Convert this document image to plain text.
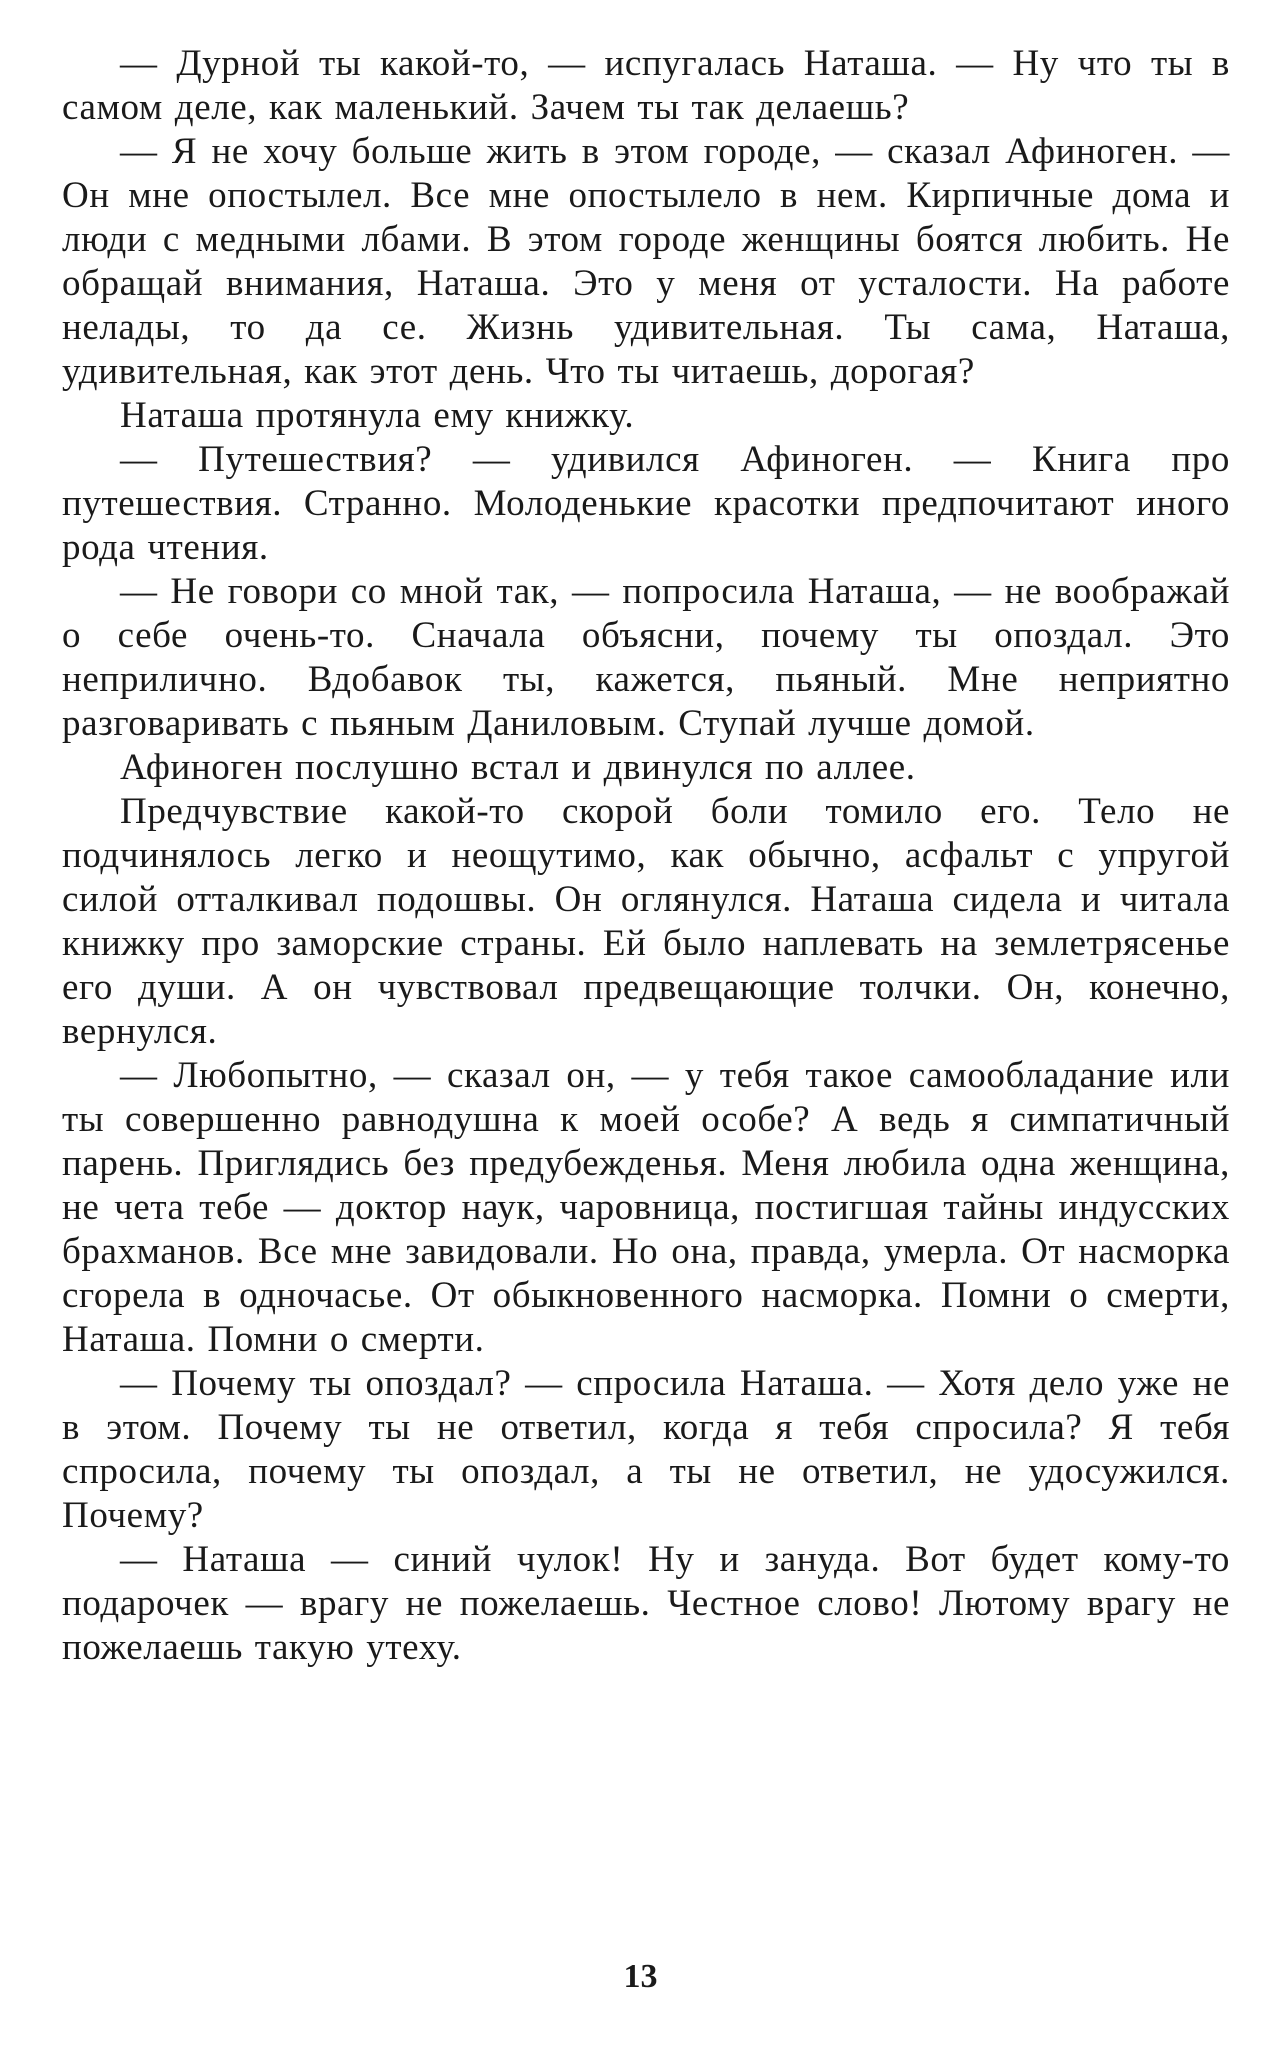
— Дурной ты какой-то, — испугалась Наташа. — Ну что ты в самом деле, как маленький. Зачем ты так делаешь?

— Я не хочу больше жить в этом городе, — сказал Афиноген. — Он мне опостылел. Все мне опостылело в нем. Кирпичные дома и люди с медными лбами. В этом городе женщины боятся любить. Не обращай внимания, Наташа. Это у меня от усталости. На работе нелады, то да се. Жизнь удивительная. Ты сама, Наташа, удивительная, как этот день. Что ты читаешь, дорогая?

Наташа протянула ему книжку.

— Путешествия? — удивился Афиноген. — Книга про путешествия. Странно. Молоденькие красотки предпочитают иного рода чтения.

— Не говори со мной так, — попросила Наташа, — не воображай о себе очень-то. Сначала объясни, почему ты опоздал. Это неприлично. Вдобавок ты, кажется, пьяный. Мне неприятно разговаривать с пьяным Даниловым. Ступай лучше домой.

Афиноген послушно встал и двинулся по аллее.

Предчувствие какой-то скорой боли томило его. Тело не подчинялось легко и неощутимо, как обычно, асфальт с упругой силой отталкивал подошвы. Он оглянулся. Наташа сидела и читала книжку про заморские страны. Ей было наплевать на землетрясенье его души. А он чувствовал предвещающие толчки. Он, конечно, вернулся.

— Любопытно, — сказал он, — у тебя такое самообладание или ты совершенно равнодушна к моей особе? А ведь я симпатичный парень. Приглядись без предубежденья. Меня любила одна женщина, не чета тебе — доктор наук, чаровница, постигшая тайны индусских брахманов. Все мне завидовали. Но она, правда, умерла. От насморка сгорела в одночасье. От обыкновенного насморка. Помни о смерти, Наташа. Помни о смерти.

— Почему ты опоздал? — спросила Наташа. — Хотя дело уже не в этом. Почему ты не ответил, когда я тебя спросила? Я тебя спросила, почему ты опоздал, а ты не ответил, не удосужился. Почему?

— Наташа — синий чулок! Ну и зануда. Вот будет кому-то подарочек — врагу не пожелаешь. Честное слово! Лютому врагу не пожелаешь такую утеху.

13
